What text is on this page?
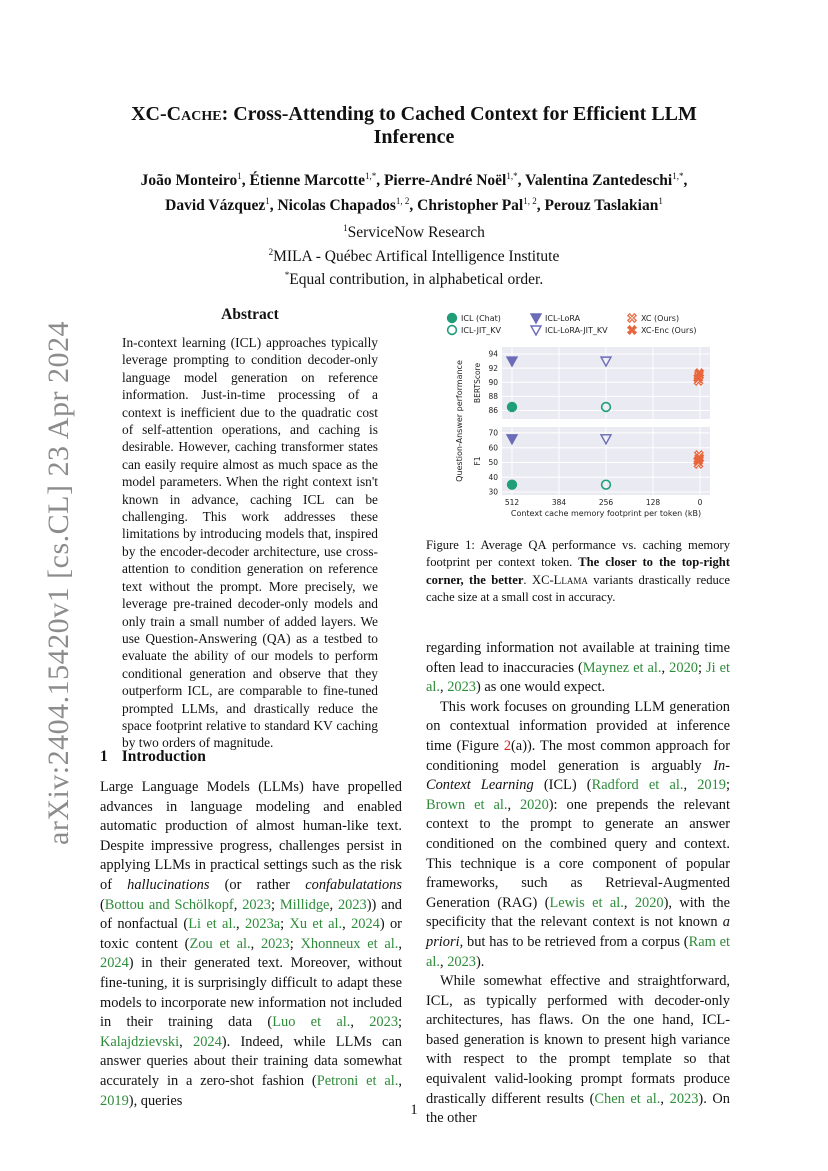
arXiv:2404.15420v1 [cs.CL] 23 Apr 2024
XC-Cache: Cross-Attending to Cached Context for Efficient LLM Inference
João Monteiro$^1$, Étienne Marcotte$^{1,*}$, Pierre-André Noël$^{1,*}$, Valentina Zantedeschi$^{1,*}$,
David Vázquez$^1$, Nicolas Chapados$^{1, 2}$, Christopher Pal$^{1, 2}$, Perouz Taslakian$^1$
$^1$ServiceNow Research
$^2$MILA - Québec Artifical Intelligence Institute
*Equal contribution, in alphabetical order.
Abstract
In-context learning (ICL) approaches typically leverage prompting to condition decoder-only language model generation on reference information. Just-in-time processing of a context is inefficient due to the quadratic cost of self-attention operations, and caching is desirable. However, caching transformer states can easily require almost as much space as the model parameters. When the right context isn't known in advance, caching ICL can be challenging. This work addresses these limitations by introducing models that, inspired by the encoder-decoder architecture, use cross-attention to condition generation on reference text without the prompt. More precisely, we leverage pre-trained decoder-only models and only train a small number of added layers. We use Question-Answering (QA) as a testbed to evaluate the ability of our models to perform conditional generation and observe that they outperform ICL, are comparable to fine-tuned prompted LLMs, and drastically reduce the space footprint relative to standard KV caching by two orders of magnitude.
1 Introduction

Large Language Models (LLMs) have propelled advances in language modeling and enabled automatic production of almost human-like text. Despite impressive progress, challenges persist in applying LLMs in practical settings such as the risk of hallucinations (or rather confabulatations (Bottou and Schölkopf, 2023; Millidge, 2023)) and of nonfactual (Li et al., 2023a; Xu et al., 2024) or toxic content (Zou et al., 2023; Xhonneux et al., 2024) in their generated text. Moreover, without fine-tuning, it is surprisingly difficult to adapt these models to incorporate new information not included in their training data (Luo et al., 2023; Kalajdzievski, 2024). Indeed, while LLMs can answer queries about their training data somewhat accurately in a zero-shot fashion (Petroni et al., 2019), queries

ICL (Chat)
ICL-JIT_KV
ICL-LoRA
ICL-LoRA-JIT_KV
XC (Ours)
XC-Enc (Ours)
86
88
90
92
94
BERTScore
30
40
50
60
70
F1
512	384	256	128	0
Context cache memory footprint per token (kB)
Question-Answer performance
Figure 1: Average QA performance vs. caching memory footprint per context token. The closer to the top-right corner, the better. XC-Llama variants drastically reduce cache size at a small cost in accuracy.

regarding information not available at training time often lead to inaccuracies (Maynez et al., 2020; Ji et al., 2023) as one would expect.

This work focuses on grounding LLM generation on contextual information provided at inference time (Figure 2(a)). The most common approach for conditioning model generation is arguably In-Context Learning (ICL) (Radford et al., 2019; Brown et al., 2020): one prepends the relevant context to the prompt to generate an answer conditioned on the combined query and context. This technique is a core component of popular frameworks, such as Retrieval-Augmented Generation (RAG) (Lewis et al., 2020), with the specificity that the relevant context is not known a priori, but has to be retrieved from a corpus (Ram et al., 2023).

While somewhat effective and straightforward, ICL, as typically performed with decoder-only architectures, has flaws. On the one hand, ICL-based generation is known to present high variance with respect to the prompt template so that equivalent valid-looking prompt formats produce drastically different results (Chen et al., 2023). On the other

1
